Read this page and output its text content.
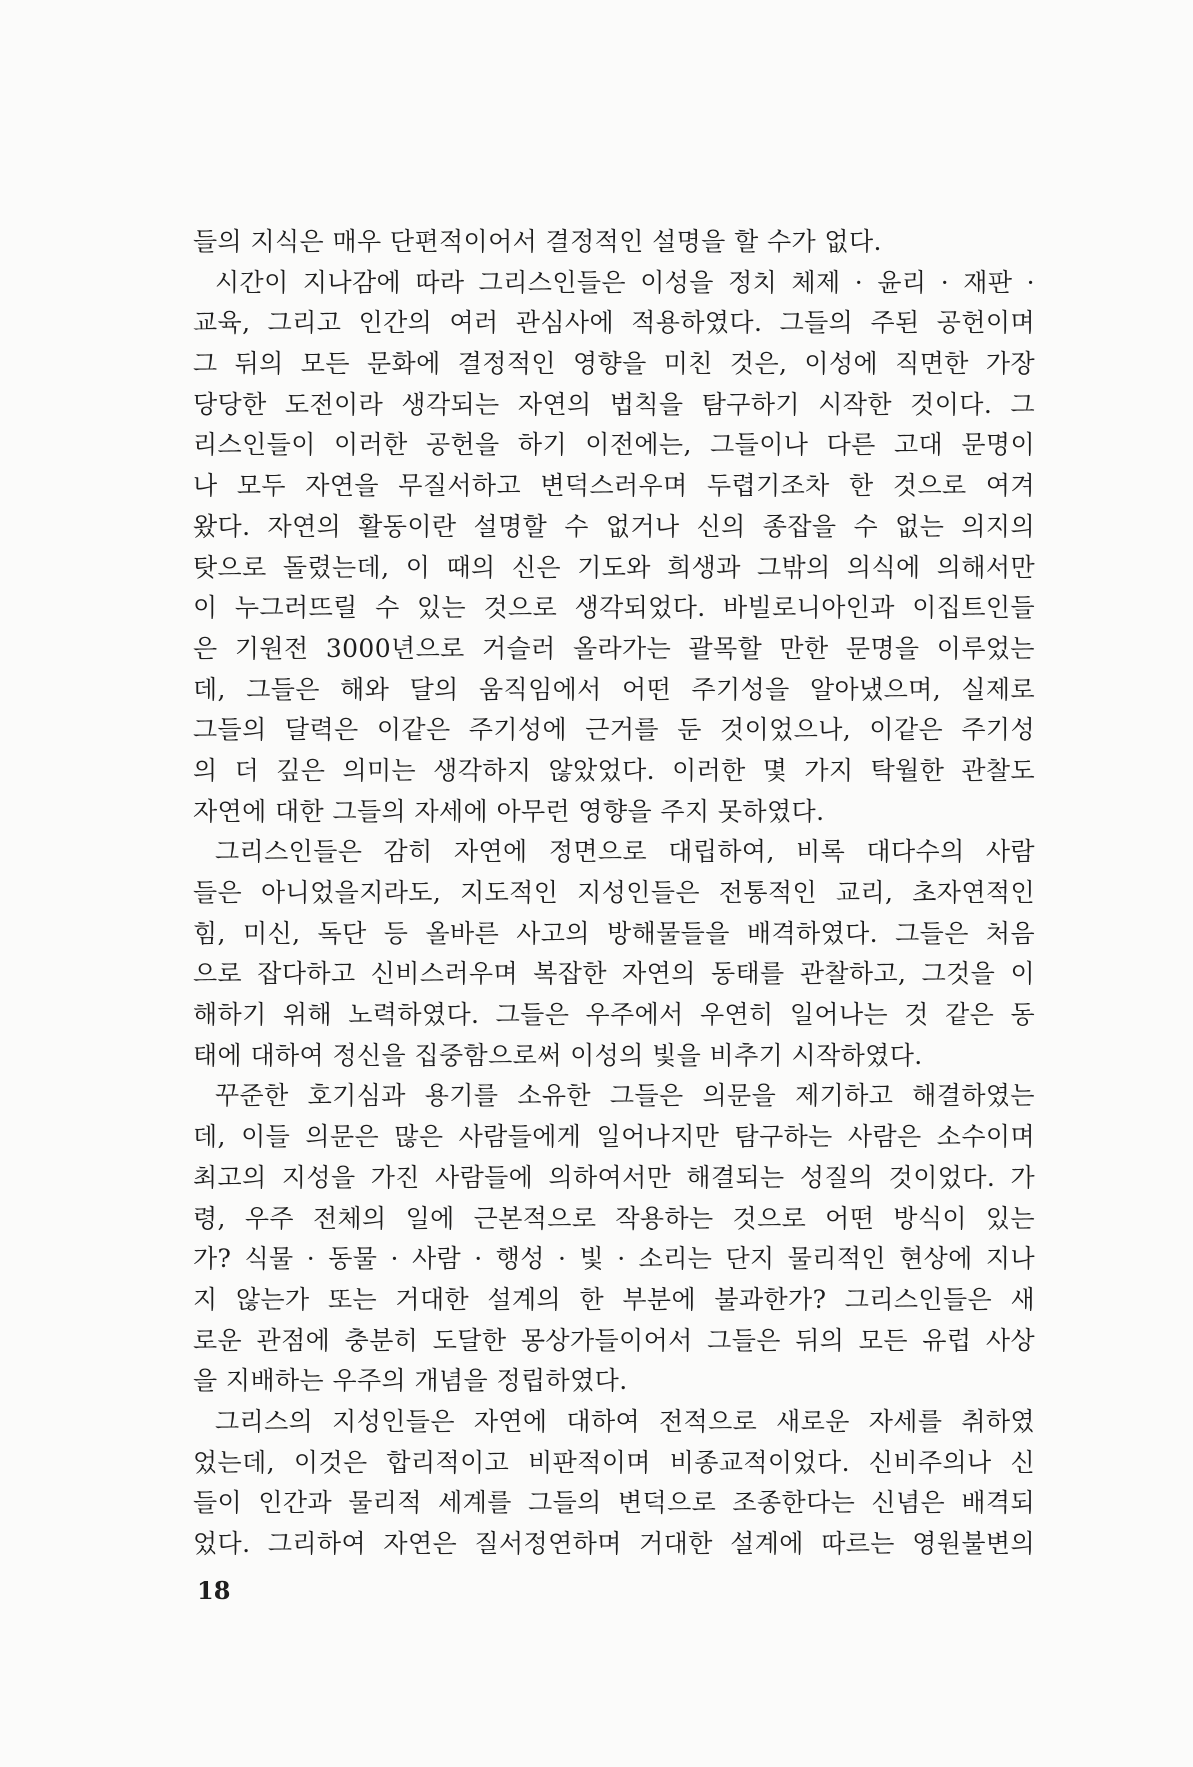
들의 지식은 매우 단편적이어서 결정적인 설명을 할 수가 없다.
시간이 지나감에 따라 그리스인들은 이성을 정치 체제 · 윤리 · 재판 ·
교육, 그리고 인간의 여러 관심사에 적용하였다. 그들의 주된 공헌이며
그 뒤의 모든 문화에 결정적인 영향을 미친 것은, 이성에 직면한 가장
당당한 도전이라 생각되는 자연의 법칙을 탐구하기 시작한 것이다. 그
리스인들이 이러한 공헌을 하기 이전에는, 그들이나 다른 고대 문명이
나 모두 자연을 무질서하고 변덕스러우며 두렵기조차 한 것으로 여겨
왔다. 자연의 활동이란 설명할 수 없거나 신의 종잡을 수 없는 의지의
탓으로 돌렸는데, 이 때의 신은 기도와 희생과 그밖의 의식에 의해서만
이 누그러뜨릴 수 있는 것으로 생각되었다. 바빌로니아인과 이집트인들
은 기원전 3000년으로 거슬러 올라가는 괄목할 만한 문명을 이루었는
데, 그들은 해와 달의 움직임에서 어떤 주기성을 알아냈으며, 실제로
그들의 달력은 이같은 주기성에 근거를 둔 것이었으나, 이같은 주기성
의 더 깊은 의미는 생각하지 않았었다. 이러한 몇 가지 탁월한 관찰도
자연에 대한 그들의 자세에 아무런 영향을 주지 못하였다.
그리스인들은 감히 자연에 정면으로 대립하여, 비록 대다수의 사람
들은 아니었을지라도, 지도적인 지성인들은 전통적인 교리, 초자연적인
힘, 미신, 독단 등 올바른 사고의 방해물들을 배격하였다. 그들은 처음
으로 잡다하고 신비스러우며 복잡한 자연의 동태를 관찰하고, 그것을 이
해하기 위해 노력하였다. 그들은 우주에서 우연히 일어나는 것 같은 동
태에 대하여 정신을 집중함으로써 이성의 빛을 비추기 시작하였다.
꾸준한 호기심과 용기를 소유한 그들은 의문을 제기하고 해결하였는
데, 이들 의문은 많은 사람들에게 일어나지만 탐구하는 사람은 소수이며
최고의 지성을 가진 사람들에 의하여서만 해결되는 성질의 것이었다. 가
령, 우주 전체의 일에 근본적으로 작용하는 것으로 어떤 방식이 있는
가? 식물 · 동물 · 사람 · 행성 · 빛 · 소리는 단지 물리적인 현상에 지나
지 않는가 또는 거대한 설계의 한 부분에 불과한가? 그리스인들은 새
로운 관점에 충분히 도달한 몽상가들이어서 그들은 뒤의 모든 유럽 사상
을 지배하는 우주의 개념을 정립하였다.
그리스의 지성인들은 자연에 대하여 전적으로 새로운 자세를 취하였
었는데, 이것은 합리적이고 비판적이며 비종교적이었다. 신비주의나 신
들이 인간과 물리적 세계를 그들의 변덕으로 조종한다는 신념은 배격되
었다. 그리하여 자연은 질서정연하며 거대한 설계에 따르는 영원불변의
18
